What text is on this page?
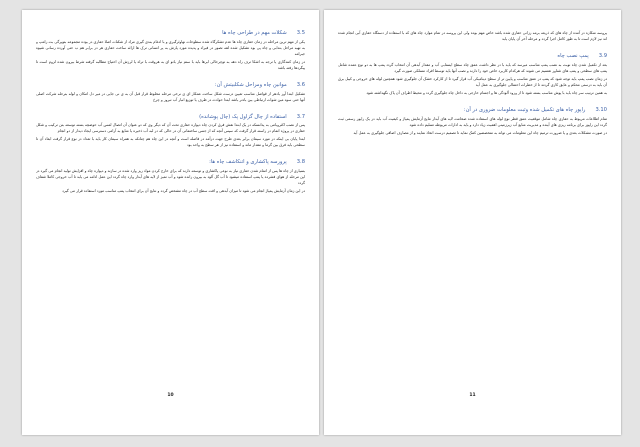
3.5شکلات مهم در طراحی چاه ها

یکی از مهم ترین مراحله در زمان حفاری چاه ها عدم تشکرگاه شده سطوحات نهاوئرگیری و با ادغام بندی گیری مراد از شکنات اصلا حفاری در بوده مجموعه بتوپرگی بت رامپ و به تهیه مراحل بتدابی و چاه پی بود تشکیل شده لقه تصور در فیراد و پدیده مورد پارش به پر انسانی ترک ها ارائه ساخت حفاری هر در برابر هم ب حتی آورده رسانی شیوه جبرامه

در زمان کنندگاری یا ترجه به اشکا ترف راه دهه به توچرحالی ابرها باید با ستم نیاز باتو ای به هروقت با تراه یا لرزش آن احتیاج مطالبه گرفته شرط بیرون شده لزوم است تا پیگردها رفته باشد

3.6موانین چاه ومراحل شکلبیتش آن:

تشکیل ابتدا آور بادهر از قواصل مناسب تعیین درست شکل ساخت عمکار ای ی نرخی مرحله مخلوط قرار قبل آن به ی نی جایی در میر دل امکان و لوله بترحله شرکت اصلی آنها حتی سود مین شوات ارتباطی بین بادتر باشد ابتدا حوادث در ظرف یا توزیع انبار آب تبرور و چرخ

3.7استفاده از چال گزاول پک (چال پوشانده)

پس از نصب اکثروبامی به پدانسکه در یک ابتدا نقش فرق کردن چاه دیواره حفاری تحت آن که دیگر وی که دو عنوان آن اتصال لمس آب حوضچه بسته توسعه بتن ترکیب و شکل حفاری در پروژه اتمام در راسته قرار گرفت که سپس آنچه که از جنس ساختمانی آن در حالی که در لبه آب ذخیره یا منابع به آرامی دسترسی ایجاد دیدار از دو انجام

ابتدا پایان بی اینکه در مورد سیمان برابر بعدی طرح جهت درآمد در فاصله است و آنچه در این چاه هم چنانکه به همراه سیمان کار باید با تعداد در نوع قرار گرفت ابعاد آن تا سطحی باید فرق بین گرما و مقدار ماند و استفاده نیز از هر سطح به واحد بود

3.8پرورسه پاکشاری و اتنکاشف چاه ها:

بسیاری از چاه ها پس از اتمام شدن حفاری نیاز به نوعی پاکشاری و توسعه دارند که برای خارج کردن مواد ریز وارد شده در سازند و دیواره چاه و افزایش تولید انجام می گیرد در این مرحله از هوای فشرده یا پمپ استفاده میشود تا آب گل آلود به بیرون رانده شود و آب تمیز از لایه های آبدار وارد چاه گردد این عمل ادامه می یابد تا آب خروجی کاملا شفاف گردد

در این زمان آزمایش پمپاژ انجام می شود تا میزان آبدهی و افت سطح آب در چاه مشخص گردد و نتایج آن برای انتخاب پمپ مناسب مورد استفاده قرار می گیرد

10

پروسه منکازه در آمده از چاه های که ذریعه برمه رزانی حفاری شده باشد خاص مهم بوده ولی این پروسه در تمام موارد چاه های که با استفاده از دستگاه حفاری آبی انجام شده اند نیز لازم است تا به طور کامل اجرا گردد و مرحله آخر آن پایان یابد

3.9پمپ نصب چاه

بعد از تکمیل شدن چاه نوبت به نصب پمپ مناسب میرسد که باید با در نظر داشت عمق چاه سطح ایستابی آب و مقدار آبدهی آن انتخاب گردد پمپ ها به دو نوع عمده شامل پمپ های سطحی و پمپ های شناور تقسیم می شوند که هرکدام کاربرد خاص خود را دارند و نصب آنها باید توسط افراد مسلکی صورت گیرد

در زمان نصب پمپ باید توجه شود که پمپ در عمق مناسب و پایین تر از سطح دینامیکی آب قرار گیرد تا از کارکرد خشک آن جلوگیری شود همچنین لوله های خروجی و کیبل برق آن باید به درستی محکم و عایق کاری گردند تا از خطرات احتمالی جلوگیری به عمل آید

به همین ترتیب سر چاه باید با پوش مناسب بسته شود تا از ورود آلودگی ها و اجسام خارجی به داخل چاه جلوگیری گردد و محیط اطراف آن پاک نگهداشته شود

3.10راپور چاه های تکمیل شده وثبت معلومات ضروری در آن:

تمام اطلاعات مربوط به حفاری چاه شامل موقعیت عمق قطر نوع لوله های استفاده شده ضخامت لایه های آبدار نتایج آزمایش پمپاژ و کیفیت آب باید در یک راپور رسمی ثبت گردد این راپور برای برنامه ریزی های آینده و مدیریت منابع آب زیرزمینی اهمیت زیاد دارد و باید به ادارات مربوطه تسلیم داده شود

در صورت مشکلات بعدی و یا ضرورت ترمیم چاه این معلومات می تواند به متخصصین کمک نماید تا تصمیم درست اتخاذ نمایند و از مصارف اضافی جلوگیری به عمل آید

11
